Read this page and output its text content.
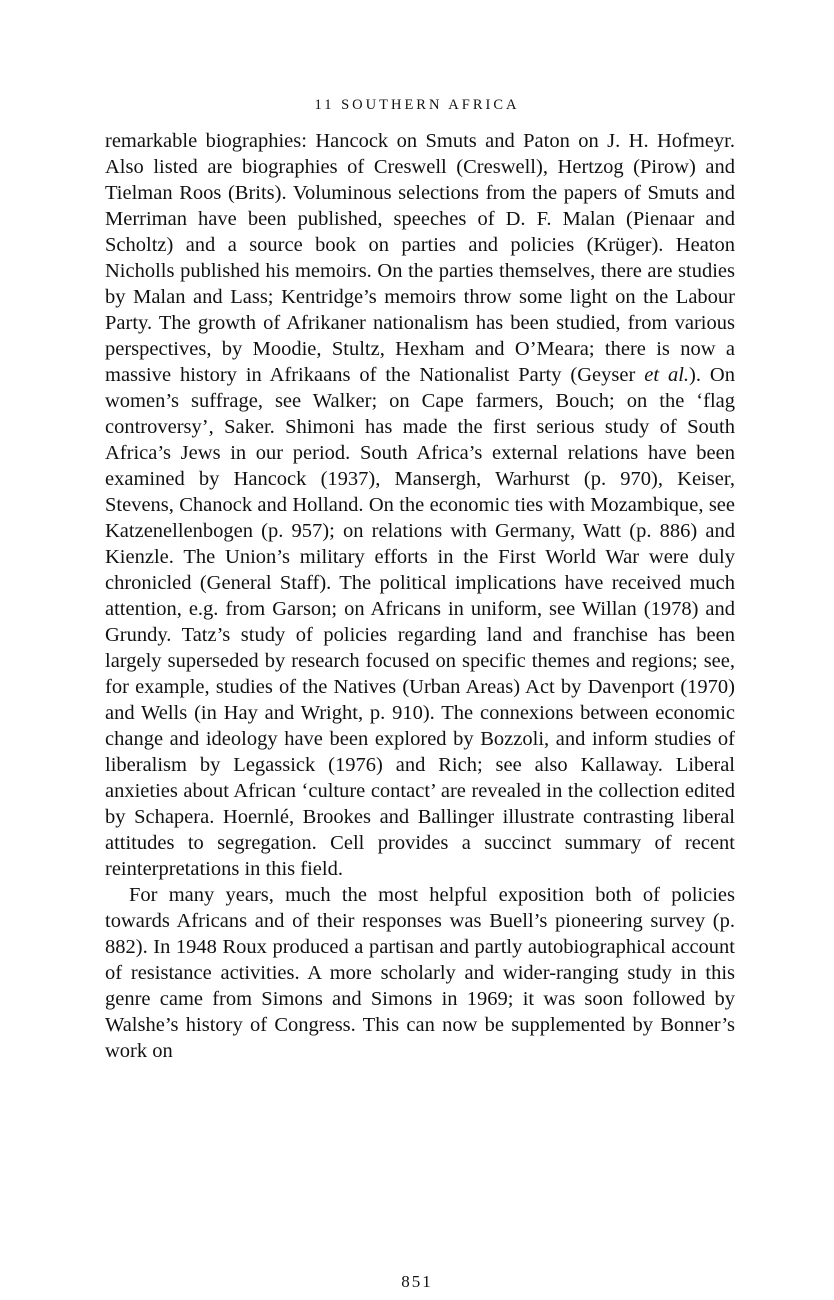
11 SOUTHERN AFRICA

remarkable biographies: Hancock on Smuts and Paton on J. H. Hofmeyr. Also listed are biographies of Creswell (Creswell), Hertzog (Pirow) and Tielman Roos (Brits). Voluminous selections from the papers of Smuts and Merriman have been published, speeches of D. F. Malan (Pienaar and Scholtz) and a source book on parties and policies (Krüger). Heaton Nicholls published his memoirs. On the parties themselves, there are studies by Malan and Lass; Kentridge’s memoirs throw some light on the Labour Party. The growth of Afrikaner nationalism has been studied, from various perspectives, by Moodie, Stultz, Hexham and O’Meara; there is now a massive history in Afrikaans of the Nationalist Party (Geyser et al.). On women’s suffrage, see Walker; on Cape farmers, Bouch; on the ‘flag controversy’, Saker. Shimoni has made the first serious study of South Africa’s Jews in our period. South Africa’s external relations have been examined by Hancock (1937), Mansergh, Warhurst (p. 970), Keiser, Stevens, Chanock and Holland. On the economic ties with Mozambique, see Katzenellenbogen (p. 957); on relations with Germany, Watt (p. 886) and Kienzle. The Union’s military efforts in the First World War were duly chronicled (General Staff). The political implications have received much attention, e.g. from Garson; on Africans in uniform, see Willan (1978) and Grundy. Tatz’s study of policies regarding land and franchise has been largely superseded by research focused on specific themes and regions; see, for example, studies of the Natives (Urban Areas) Act by Davenport (1970) and Wells (in Hay and Wright, p. 910). The connexions between economic change and ideology have been explored by Bozzoli, and inform studies of liberalism by Legassick (1976) and Rich; see also Kallaway. Liberal anxieties about African ‘culture contact’ are revealed in the collection edited by Schapera. Hoernlé, Brookes and Ballinger illustrate contrasting liberal attitudes to segregation. Cell provides a succinct summary of recent reinterpretations in this field.

For many years, much the most helpful exposition both of policies towards Africans and of their responses was Buell’s pioneering survey (p. 882). In 1948 Roux produced a partisan and partly autobiographical account of resistance activities. A more scholarly and wider-ranging study in this genre came from Simons and Simons in 1969; it was soon followed by Walshe’s history of Congress. This can now be supplemented by Bonner’s work on

851
